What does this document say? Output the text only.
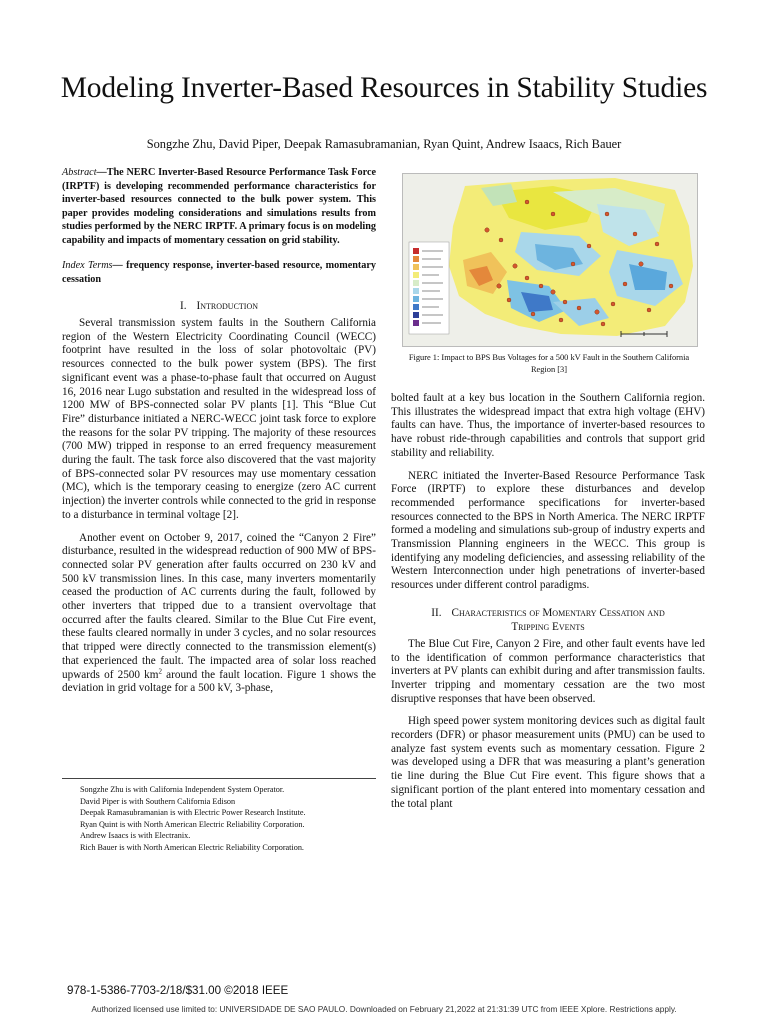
Modeling Inverter-Based Resources in Stability Studies
Songzhe Zhu, David Piper, Deepak Ramasubramanian, Ryan Quint, Andrew Isaacs, Rich Bauer

Abstract—The NERC Inverter-Based Resource Performance Task Force (IRPTF) is developing recommended performance characteristics for inverter-based resources connected to the bulk power system. This paper provides modeling considerations and simulations results from studies performed by the NERC IRPTF. A primary focus is on modeling capability and impacts of momentary cessation on grid stability.

Index Terms— frequency response, inverter-based resource, momentary cessation

I. Introduction

Several transmission system faults in the Southern California region of the Western Electricity Coordinating Council (WECC) footprint have resulted in the loss of solar photovoltaic (PV) resources connected to the bulk power system (BPS). The first significant event was a phase-to-phase fault that occurred on August 16, 2016 near Lugo substation and resulted in the widespread loss of 1200 MW of BPS-connected solar PV plants [1]. This “Blue Cut Fire” disturbance initiated a NERC-WECC joint task force to explore the reasons for the solar PV tripping. The majority of these resources (700 MW) tripped in response to an erred frequency measurement during the fault. The task force also discovered that the vast majority of BPS-connected solar PV resources may use momentary cessation (MC), which is the temporary ceasing to energize (zero AC current injection) the inverter controls while connected to the grid in response to a disturbance in terminal voltage [2].

Another event on October 9, 2017, coined the “Canyon 2 Fire” disturbance, resulted in the widespread reduction of 900 MW of BPS-connected solar PV generation after faults occurred on 230 kV and 500 kV transmission lines. In this case, many inverters momentarily ceased the production of AC currents during the fault, followed by other inverters that tripped due to a transient overvoltage that occurred after the faults cleared. Similar to the Blue Cut Fire event, these faults cleared normally in under 3 cycles, and no solar resources that tripped were directly connected to the transmission element(s) that experienced the fault. The impacted area of solar loss reached upwards of 2500 $km^2$ around the fault location. Figure 1 shows the deviation in grid voltage for a 500 kV, 3-phase,

Figure 1: Impact to BPS Bus Voltages for a 500 kV Fault in the Southern California Region [3]

bolted fault at a key bus location in the Southern California region. This illustrates the widespread impact that extra high voltage (EHV) faults can have. Thus, the importance of inverter-based resources to have robust ride-through capabilities and controls that support grid stability and reliability.

NERC initiated the Inverter-Based Resource Performance Task Force (IRPTF) to explore these disturbances and develop recommended performance specifications for inverter-based resources connected to the BPS in North America. The NERC IRPTF formed a modeling and simulations sub-group of industry experts and Transmission Planning engineers in the WECC. This group is identifying any modeling deficiencies, and assessing reliability of the Western Interconnection under high penetrations of inverter-based resources under different control paradigms.

II. Characteristics of Momentary Cessation and
Tripping Events

The Blue Cut Fire, Canyon 2 Fire, and other fault events have led to the identification of common performance characteristics that inverters at PV plants can exhibit during and after transmission faults. Inverter tripping and momentary cessation are the two most disruptive responses that have been observed.

High speed power system monitoring devices such as digital fault recorders (DFR) or phasor measurement units (PMU) can be used to analyze fast system events such as momentary cessation. Figure 2 was developed using a DFR that was measuring a plant’s generation tie line during the Blue Cut Fire event. This figure shows that a significant portion of the plant entered into momentary cessation and the total plant

Songzhe Zhu is with California Independent System Operator.
David Piper is with Southern California Edison
Deepak Ramasubramanian is with Electric Power Research Institute.
Ryan Quint is with North American Electric Reliability Corporation.
Andrew Isaacs is with Electranix.
Rich Bauer is with North American Electric Reliability Corporation.
978-1-5386-7703-2/18/$31.00 ©2018 IEEE
Authorized licensed use limited to: UNIVERSIDADE DE SAO PAULO. Downloaded on February 21,2022 at 21:31:39 UTC from IEEE Xplore. Restrictions apply.
